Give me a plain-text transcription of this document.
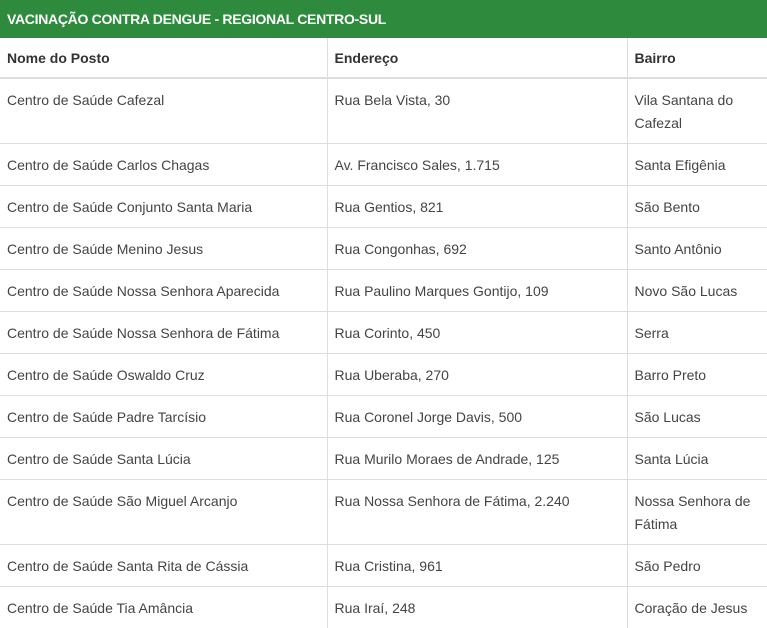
VACINAÇÃO CONTRA DENGUE - REGIONAL CENTRO-SUL
Nome do Posto	Endereço	Bairro
Centro de Saúde Cafezal	Rua Bela Vista, 30	Vila Santana do Cafezal
Centro de Saúde Carlos Chagas	Av. Francisco Sales, 1.715	Santa Efigênia
Centro de Saúde Conjunto Santa Maria	Rua Gentios, 821	São Bento
Centro de Saúde Menino Jesus	Rua Congonhas, 692	Santo Antônio
Centro de Saúde Nossa Senhora Aparecida	Rua Paulino Marques Gontijo, 109	Novo São Lucas
Centro de Saúde Nossa Senhora de Fátima	Rua Corinto, 450	Serra
Centro de Saúde Oswaldo Cruz	Rua Uberaba, 270	Barro Preto
Centro de Saúde Padre Tarcísio	Rua Coronel Jorge Davis, 500	São Lucas
Centro de Saúde Santa Lúcia	Rua Murilo Moraes de Andrade, 125	Santa Lúcia
Centro de Saúde São Miguel Arcanjo	Rua Nossa Senhora de Fátima, 2.240	Nossa Senhora de Fátima
Centro de Saúde Santa Rita de Cássia	Rua Cristina, 961	São Pedro
Centro de Saúde Tia Amância	Rua Iraí, 248	Coração de Jesus
